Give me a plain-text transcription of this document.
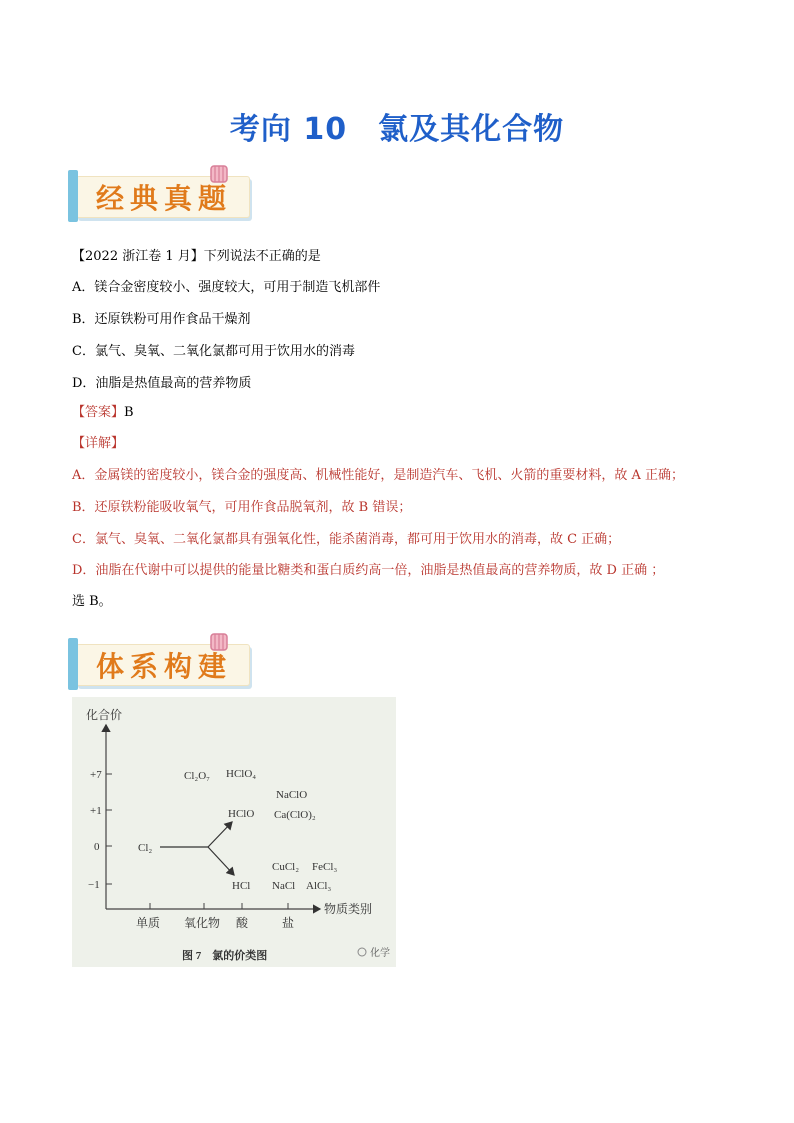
考向 10　氯及其化合物
经典真题
【2022 浙江卷 1 月】下列说法不正确的是
A．镁合金密度较小、强度较大，可用于制造飞机部件
B．还原铁粉可用作食品干燥剂
C．氯气、臭氧、二氧化氯都可用于饮用水的消毒
D．油脂是热值最高的营养物质
【答案】B
【详解】
A．金属镁的密度较小，镁合金的强度高、机械性能好，是制造汽车、飞机、火箭的重要材料，故 A 正确；
B．还原铁粉能吸收氧气，可用作食品脱氧剂，故 B 错误；
C．氯气、臭氧、二氧化氯都具有强氧化性，能杀菌消毒，都可用于饮用水的消毒，故 C 正确；
D．油脂在代谢中可以提供的能量比糖类和蛋白质约高一倍，油脂是热值最高的营养物质，故 D 正确 ；
选 B。
体系构建
化合价
物质类别
+7
+1
0
−1
单质 氧化物 酸	盐
Cl₂
Cl₂O₇ HClO₄
HClO
HCl
NaClO
Ca(ClO)₂
CuCl₂ FeCl₃
NaCl AlCl₃
图 7　氯的价类图	化学
